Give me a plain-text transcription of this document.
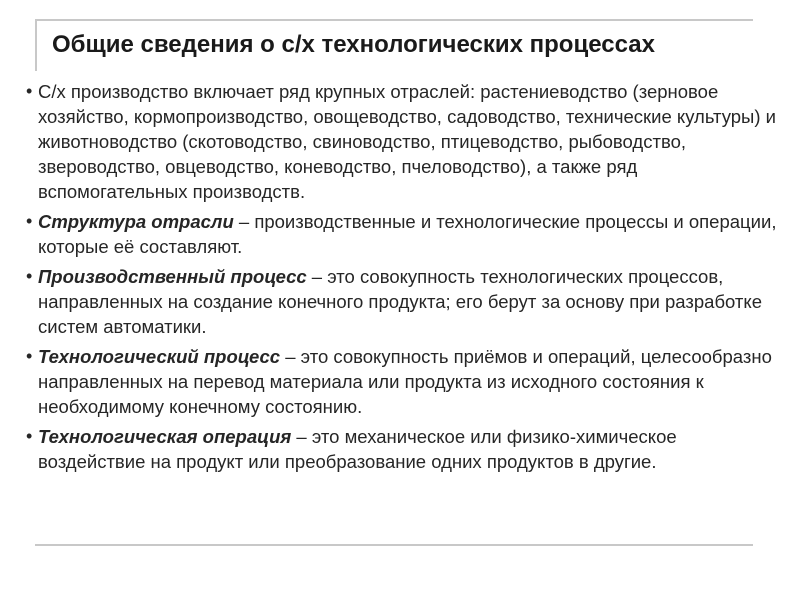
Общие сведения о с/х технологических процессах
• С/х производство включает ряд крупных отраслей: растениеводство (зерновое хозяйство, кормопроизводство, овощеводство, садоводство, технические культуры) и животноводство (скотоводство, свиноводство, птицеводство, рыбоводство, звероводство, овцеводство, коневодство, пчеловодство), а также ряд вспомогательных производств.
• Структура отрасли – производственные и технологические процессы и операции, которые её составляют.
• Производственный процесс – это совокупность технологических процессов, направленных на создание конечного продукта; его берут за основу при разработке систем автоматики.
• Технологический процесс – это совокупность приёмов и операций, целесообразно направленных на перевод материала или продукта из исходного состояния к необходимому конечному состоянию.
• Технологическая операция – это механическое или физико-химическое воздействие на продукт или преобразование одних продуктов в другие.
